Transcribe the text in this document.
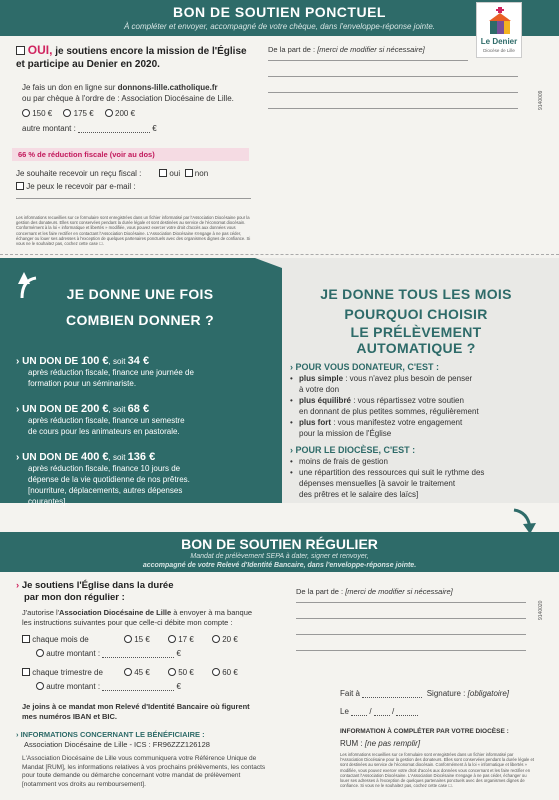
BON DE SOUTIEN PONCTUEL
À compléter et envoyer, accompagné de votre chèque, dans l'enveloppe-réponse jointe.
Le Denier
Diocèse de Lille
9140009
OUI, je soutiens encore la mission de l'Église
et participe au Denier en 2020.
Je fais un don en ligne sur donnons-lille.catholique.fr
ou par chèque à l'ordre de : Association Diocésaine de Lille.
150 €	175 €	200 €
autre montant :	€
66 % de réduction fiscale (voir au dos)
Je souhaite recevoir un reçu fiscal :	oui non
Je peux le recevoir par e-mail :
Les informations recueillies sur ce formulaire sont enregistrées dans un fichier informatisé par l'Association Diocésaine pour la gestion des donateurs. Elles sont conservées pendant la durée légale et sont destinées au service de l'économat diocésain. Conformément à la loi « informatique et libertés » modifiée, vous pouvez exercer votre droit d'accès aux données vous concernant et les faire rectifier en contactant l'Association Diocésaine. L'Association Diocésaine s'engage à ne pas céder, échanger ou louer ses adresses à l'exception de quelques partenaires ponctuels avec des organismes dignes de confiance. Si vous ne le souhaitez pas, cochez cette case ☐.
De la part de : [merci de modifier si nécessaire]
JE DONNE UNE FOIS
COMBIEN DONNER ?
› UN DON DE 100 €, soit 34 €
après réduction fiscale, finance une journée de
formation pour un séminariste.
› UN DON DE 200 €, soit 68 €
après réduction fiscale, finance un semestre
de cours pour les animateurs en pastorale.
› UN DON DE 400 €, soit 136 €
après réduction fiscale, finance 10 jours de
dépense de la vie quotidienne de nos prêtres.
[nourriture, déplacements, autres dépenses
courantes].
JE DONNE TOUS LES MOIS
POURQUOI CHOISIR
LE PRÉLÈVEMENT AUTOMATIQUE ?
› POUR VOUS DONATEUR, C'EST :
• plus simple : vous n'avez plus besoin de penser
à votre don
• plus équilibré : vous répartissez votre soutien
en donnant de plus petites sommes, régulièrement
• plus fort : vous manifestez votre engagement
pour la mission de l'Église
› POUR LE DIOCÈSE, C'EST :
• moins de frais de gestion
• une répartition des ressources qui suit le rythme des
dépenses mensuelles [à savoir le traitement
des prêtres et le salaire des laïcs]
BON DE SOUTIEN RÉGULIER
Mandat de prélèvement SEPA à dater, signer et renvoyer,
accompagné de votre Relevé d'Identité Bancaire, dans l'enveloppe-réponse jointe.
9140020
› Je soutiens l'Église dans la durée
par mon don régulier :
J'autorise l'Association Diocésaine de Lille à envoyer à ma banque
les instructions suivantes pour que celle-ci débite mon compte :
chaque mois de	15 €	17 €	20 €
autre montant :	€
chaque trimestre de	45 €	50 €	60 €
autre montant :	€
Je joins à ce mandat mon Relevé d'Identité Bancaire où figurent
mes numéros IBAN et BIC.
› INFORMATIONS CONCERNANT LE BÉNÉFICIAIRE :
Association Diocésaine de Lille - ICS : FR96ZZZ126128
L'Association Diocésaine de Lille vous communiquera votre Référence Unique de Mandat [RUM], les informations relatives à vos prochains prélèvements, les contacts pour toute demande ou démarche concernant votre mandat de prélèvement [notamment vos droits au remboursement].
De la part de : [merci de modifier si nécessaire]
Fait à	Signature : [obligatoire]
Le  /  /
INFORMATION À COMPLÉTER PAR VOTRE DIOCÈSE :
RUM : [ne pas remplir]
Les informations recueillies sur ce formulaire sont enregistrées dans un fichier informatisé par l'Association Diocésaine pour la gestion des donateurs. Elles sont conservées pendant la durée légale et sont destinées au service de l'économat diocésain. Conformément à la loi « informatique et libertés » modifiée, vous pouvez exercer votre droit d'accès aux données vous concernant et les faire rectifier en contactant l'Association Diocésaine. L'Association Diocésaine s'engage à ne pas céder, échanger ou louer ses adresses à l'exception de quelques partenaires ponctuels avec des organismes dignes de confiance. Si vous ne le souhaitez pas, cochez cette case ☐.
